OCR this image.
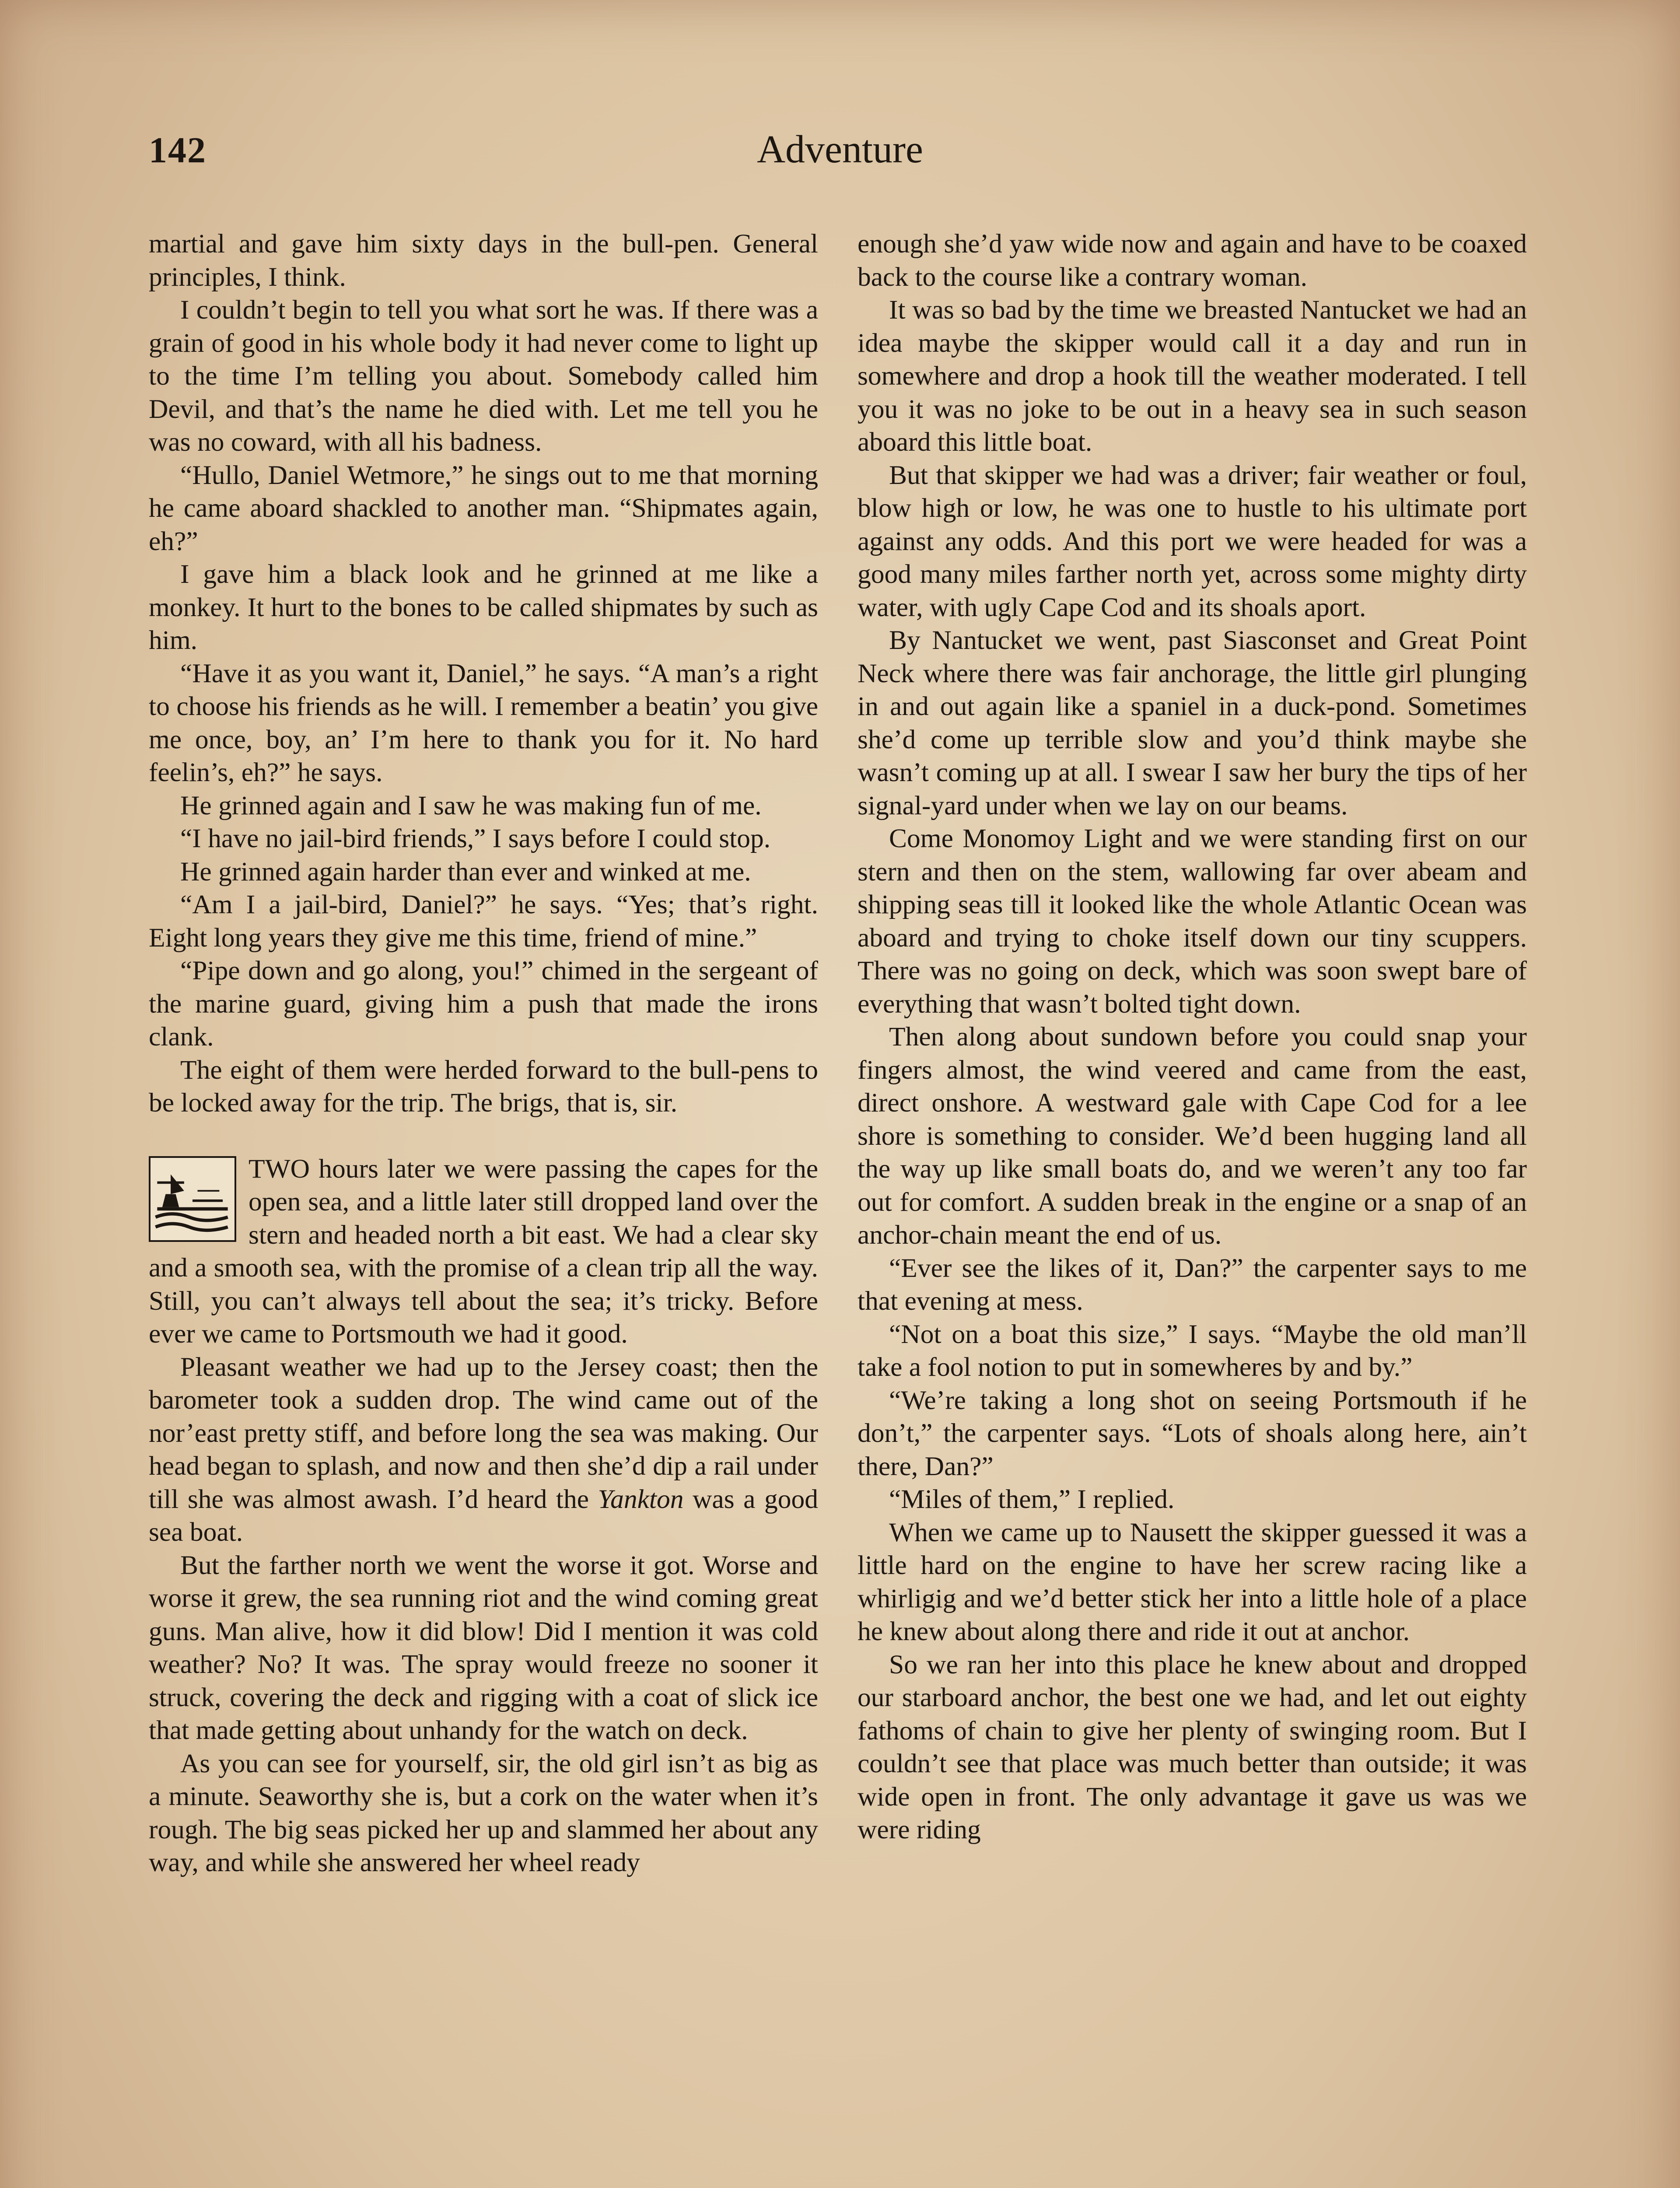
142	Adventure

martial and gave him sixty days in the bull-pen. General principles, I think.

I couldn’t begin to tell you what sort he was. If there was a grain of good in his whole body it had never come to light up to the time I’m telling you about. Somebody called him Devil, and that’s the name he died with. Let me tell you he was no coward, with all his badness.

“Hullo, Daniel Wetmore,” he sings out to me that morning he came aboard shackled to another man. “Shipmates again, eh?”

I gave him a black look and he grinned at me like a monkey. It hurt to the bones to be called shipmates by such as him.

“Have it as you want it, Daniel,” he says. “A man’s a right to choose his friends as he will. I remember a beatin’ you give me once, boy, an’ I’m here to thank you for it. No hard feelin’s, eh?” he says.

He grinned again and I saw he was making fun of me.

“I have no jail-bird friends,” I says before I could stop.

He grinned again harder than ever and winked at me.

“Am I a jail-bird, Daniel?” he says. “Yes; that’s right. Eight long years they give me this time, friend of mine.”

“Pipe down and go along, you!” chimed in the sergeant of the marine guard, giving him a push that made the irons clank.

The eight of them were herded forward to the bull-pens to be locked away for the trip. The brigs, that is, sir.

TWO hours later we were passing the capes for the open sea, and a little later still dropped land over the stern and headed north a bit east. We had a clear sky and a smooth sea, with the promise of a clean trip all the way. Still, you can’t always tell about the sea; it’s tricky. Before ever we came to Portsmouth we had it good.

Pleasant weather we had up to the Jersey coast; then the barometer took a sudden drop. The wind came out of the nor’east pretty stiff, and before long the sea was making. Our head began to splash, and now and then she’d dip a rail under till she was almost awash. I’d heard the Yankton was a good sea boat.

But the farther north we went the worse it got. Worse and worse it grew, the sea running riot and the wind coming great guns. Man alive, how it did blow! Did I mention it was cold weather? No? It was. The spray would freeze no sooner it struck, covering the deck and rigging with a coat of slick ice that made getting about unhandy for the watch on deck.

As you can see for yourself, sir, the old girl isn’t as big as a minute. Seaworthy she is, but a cork on the water when it’s rough. The big seas picked her up and slammed her about any way, and while she answered her wheel ready

enough she’d yaw wide now and again and have to be coaxed back to the course like a contrary woman.

It was so bad by the time we breasted Nantucket we had an idea maybe the skipper would call it a day and run in somewhere and drop a hook till the weather moderated. I tell you it was no joke to be out in a heavy sea in such season aboard this little boat.

But that skipper we had was a driver; fair weather or foul, blow high or low, he was one to hustle to his ultimate port against any odds. And this port we were headed for was a good many miles farther north yet, across some mighty dirty water, with ugly Cape Cod and its shoals aport.

By Nantucket we went, past Siasconset and Great Point Neck where there was fair anchorage, the little girl plunging in and out again like a spaniel in a duck-pond. Sometimes she’d come up terrible slow and you’d think maybe she wasn’t coming up at all. I swear I saw her bury the tips of her signal-yard under when we lay on our beams.

Come Monomoy Light and we were standing first on our stern and then on the stem, wallowing far over abeam and shipping seas till it looked like the whole Atlantic Ocean was aboard and trying to choke itself down our tiny scuppers. There was no going on deck, which was soon swept bare of everything that wasn’t bolted tight down.

Then along about sundown before you could snap your fingers almost, the wind veered and came from the east, direct onshore. A westward gale with Cape Cod for a lee shore is something to consider. We’d been hugging land all the way up like small boats do, and we weren’t any too far out for comfort. A sudden break in the engine or a snap of an anchor-chain meant the end of us.

“Ever see the likes of it, Dan?” the carpenter says to me that evening at mess.

“Not on a boat this size,” I says. “Maybe the old man’ll take a fool notion to put in somewheres by and by.”

“We’re taking a long shot on seeing Portsmouth if he don’t,” the carpenter says. “Lots of shoals along here, ain’t there, Dan?”

“Miles of them,” I replied.

When we came up to Nausett the skipper guessed it was a little hard on the engine to have her screw racing like a whirligig and we’d better stick her into a little hole of a place he knew about along there and ride it out at anchor.

So we ran her into this place he knew about and dropped our starboard anchor, the best one we had, and let out eighty fathoms of chain to give her plenty of swinging room. But I couldn’t see that place was much better than outside; it was wide open in front. The only advantage it gave us was we were riding
